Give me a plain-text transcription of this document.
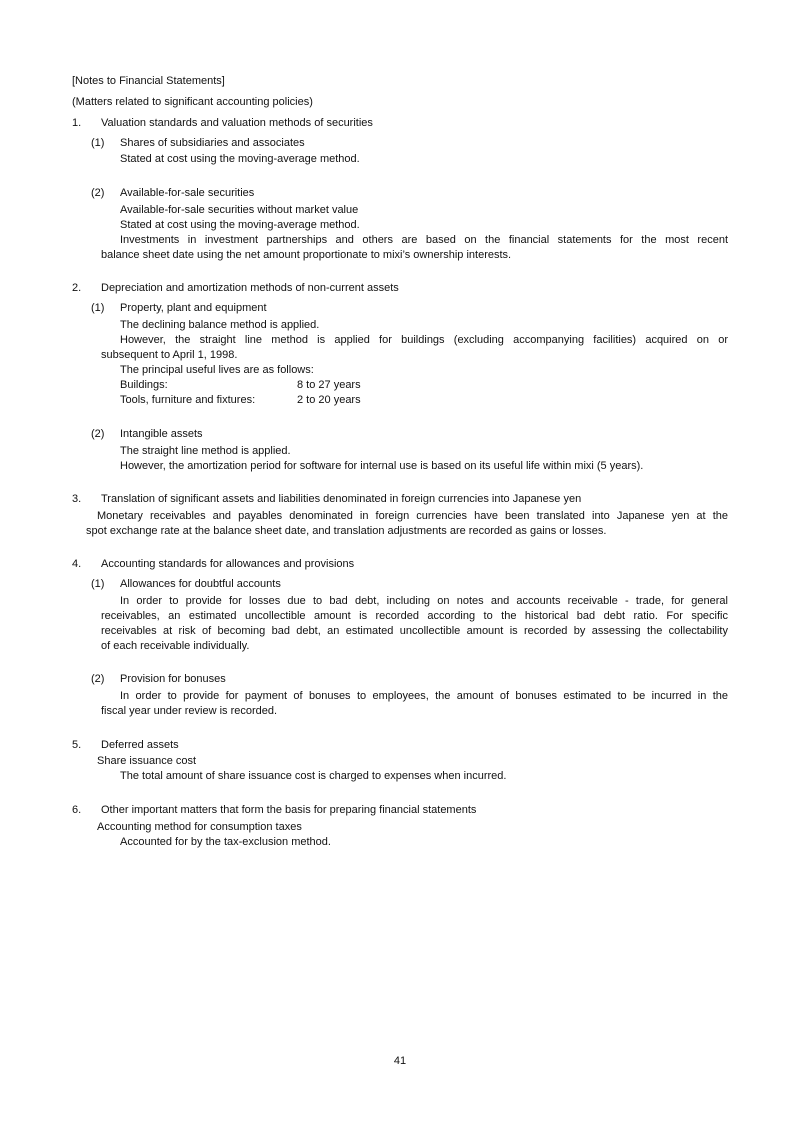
[Notes to Financial Statements]
(Matters related to significant accounting policies)
1. Valuation standards and valuation methods of securities
(1) Shares of subsidiaries and associates
Stated at cost using the moving-average method.
(2) Available-for-sale securities
Available-for-sale securities without market value
Stated at cost using the moving-average method.
Investments in investment partnerships and others are based on the financial statements for the most recent
balance sheet date using the net amount proportionate to mixi’s ownership interests.
2. Depreciation and amortization methods of non-current assets
(1) Property, plant and equipment
The declining balance method is applied.
However, the straight line method is applied for buildings (excluding accompanying facilities) acquired on or
subsequent to April 1, 1998.
The principal useful lives are as follows:
Buildings:	8 to 27 years
Tools, furniture and fixtures:	2 to 20 years
(2) Intangible assets
The straight line method is applied.
However, the amortization period for software for internal use is based on its useful life within mixi (5 years).
3. Translation of significant assets and liabilities denominated in foreign currencies into Japanese yen
Monetary receivables and payables denominated in foreign currencies have been translated into Japanese yen at the
spot exchange rate at the balance sheet date, and translation adjustments are recorded as gains or losses.
4. Accounting standards for allowances and provisions
(1) Allowances for doubtful accounts
In order to provide for losses due to bad debt, including on notes and accounts receivable - trade, for general
receivables, an estimated uncollectible amount is recorded according to the historical bad debt ratio. For specific
receivables at risk of becoming bad debt, an estimated uncollectible amount is recorded by assessing the collectability
of each receivable individually.
(2) Provision for bonuses
In order to provide for payment of bonuses to employees, the amount of bonuses estimated to be incurred in the
fiscal year under review is recorded.
5. Deferred assets
Share issuance cost
The total amount of share issuance cost is charged to expenses when incurred.
6. Other important matters that form the basis for preparing financial statements
Accounting method for consumption taxes
Accounted for by the tax-exclusion method.
41
